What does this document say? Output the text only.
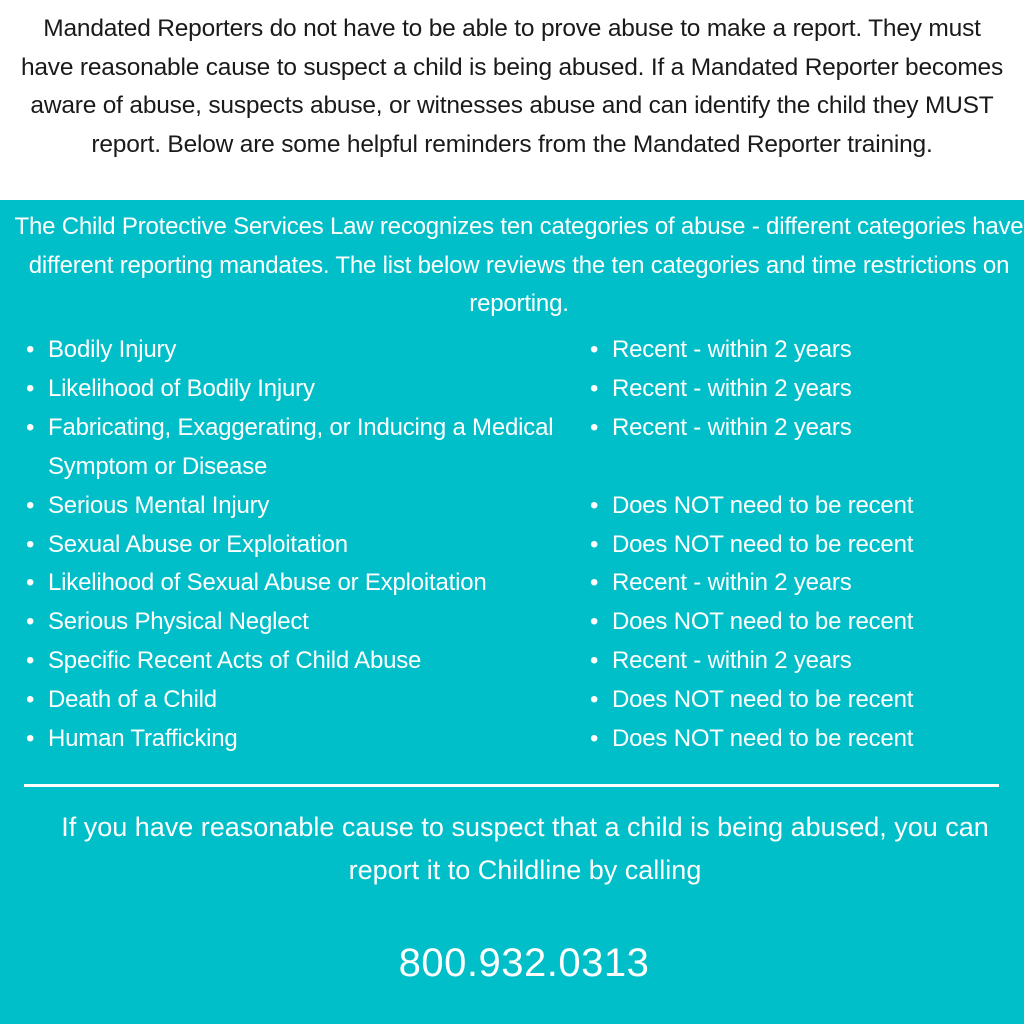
Mandated Reporters do not have to be able to prove abuse to make a report. They must have reasonable cause to suspect a child is being abused. If a Mandated Reporter becomes aware of abuse, suspects abuse, or witnesses abuse and can identify the child they MUST report. Below are some helpful reminders from the Mandated Reporter training.

The Child Protective Services Law recognizes ten categories of abuse - different categories have different reporting mandates. The list below reviews the ten categories and time restrictions on reporting.

• Bodily Injury
• Likelihood of Bodily Injury
• Fabricating, Exaggerating, or Inducing a Medical Symptom or Disease
• Serious Mental Injury
• Sexual Abuse or Exploitation
• Likelihood of Sexual Abuse or Exploitation
• Serious Physical Neglect
• Specific Recent Acts of Child Abuse
• Death of a Child
• Human Trafficking
• Recent - within 2 years
• Recent - within 2 years
• Recent - within 2 years
• Does NOT need to be recent
• Does NOT need to be recent
• Recent - within 2 years
• Does NOT need to be recent
• Recent - within 2 years
• Does NOT need to be recent
• Does NOT need to be recent

If you have reasonable cause to suspect that a child is being abused, you can report it to Childline by calling

800.932.0313
